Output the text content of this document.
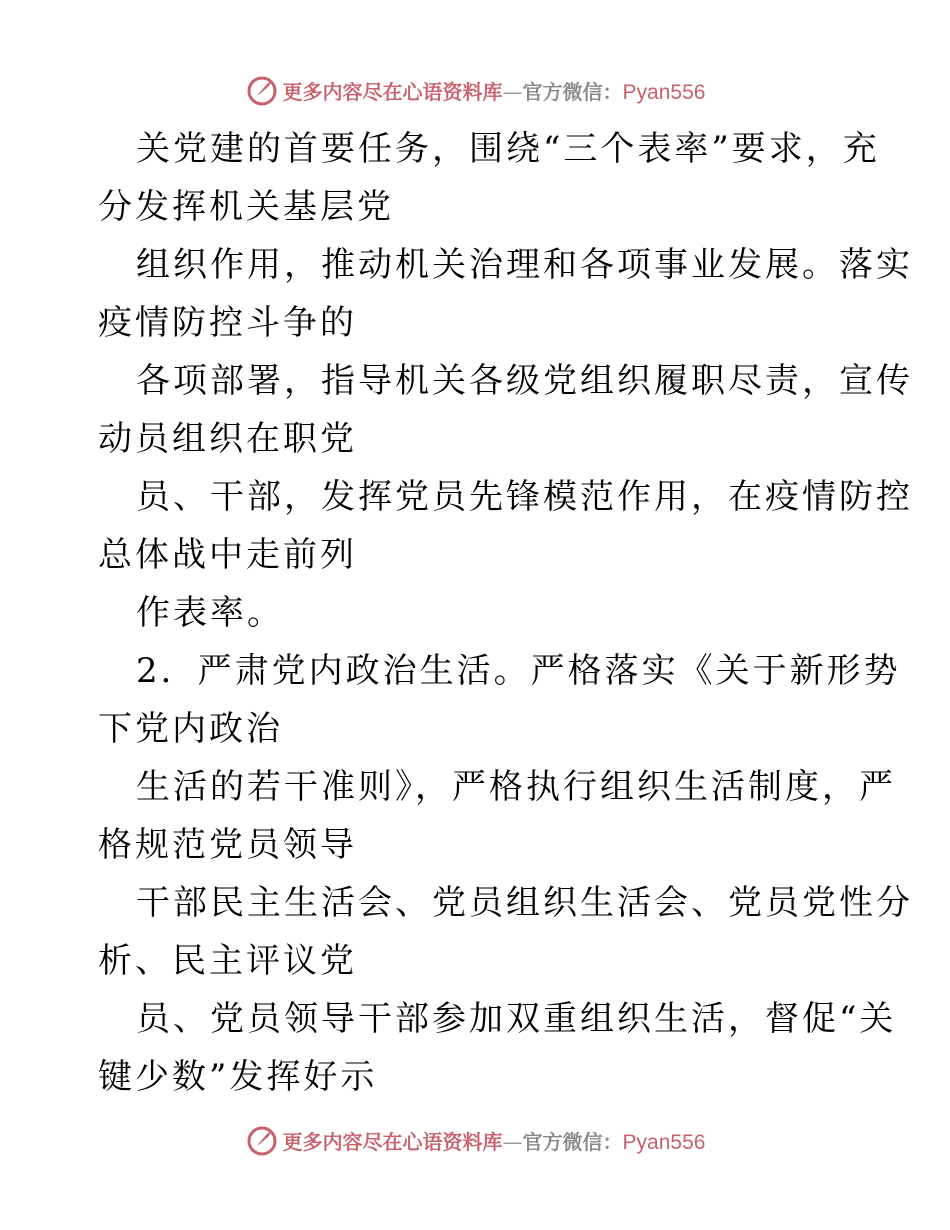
更多内容尽在心语资料库 — 官方微信： Pyan556
关党建的首要任务，围绕“三个表率”要求，充
分发挥机关基层党
组织作用，推动机关治理和各项事业发展。落实
疫情防控斗争的
各项部署，指导机关各级党组织履职尽责，宣传
动员组织在职党
员、干部，发挥党员先锋模范作用，在疫情防控
总体战中走前列
作表率。
2．严肃党内政治生活。严格落实《关于新形势
下党内政治
生活的若干准则》，严格执行组织生活制度，严
格规范党员领导
干部民主生活会、党员组织生活会、党员党性分
析、民主评议党
员、党员领导干部参加双重组织生活，督促“关
键少数”发挥好示
更多内容尽在心语资料库 — 官方微信： Pyan556
